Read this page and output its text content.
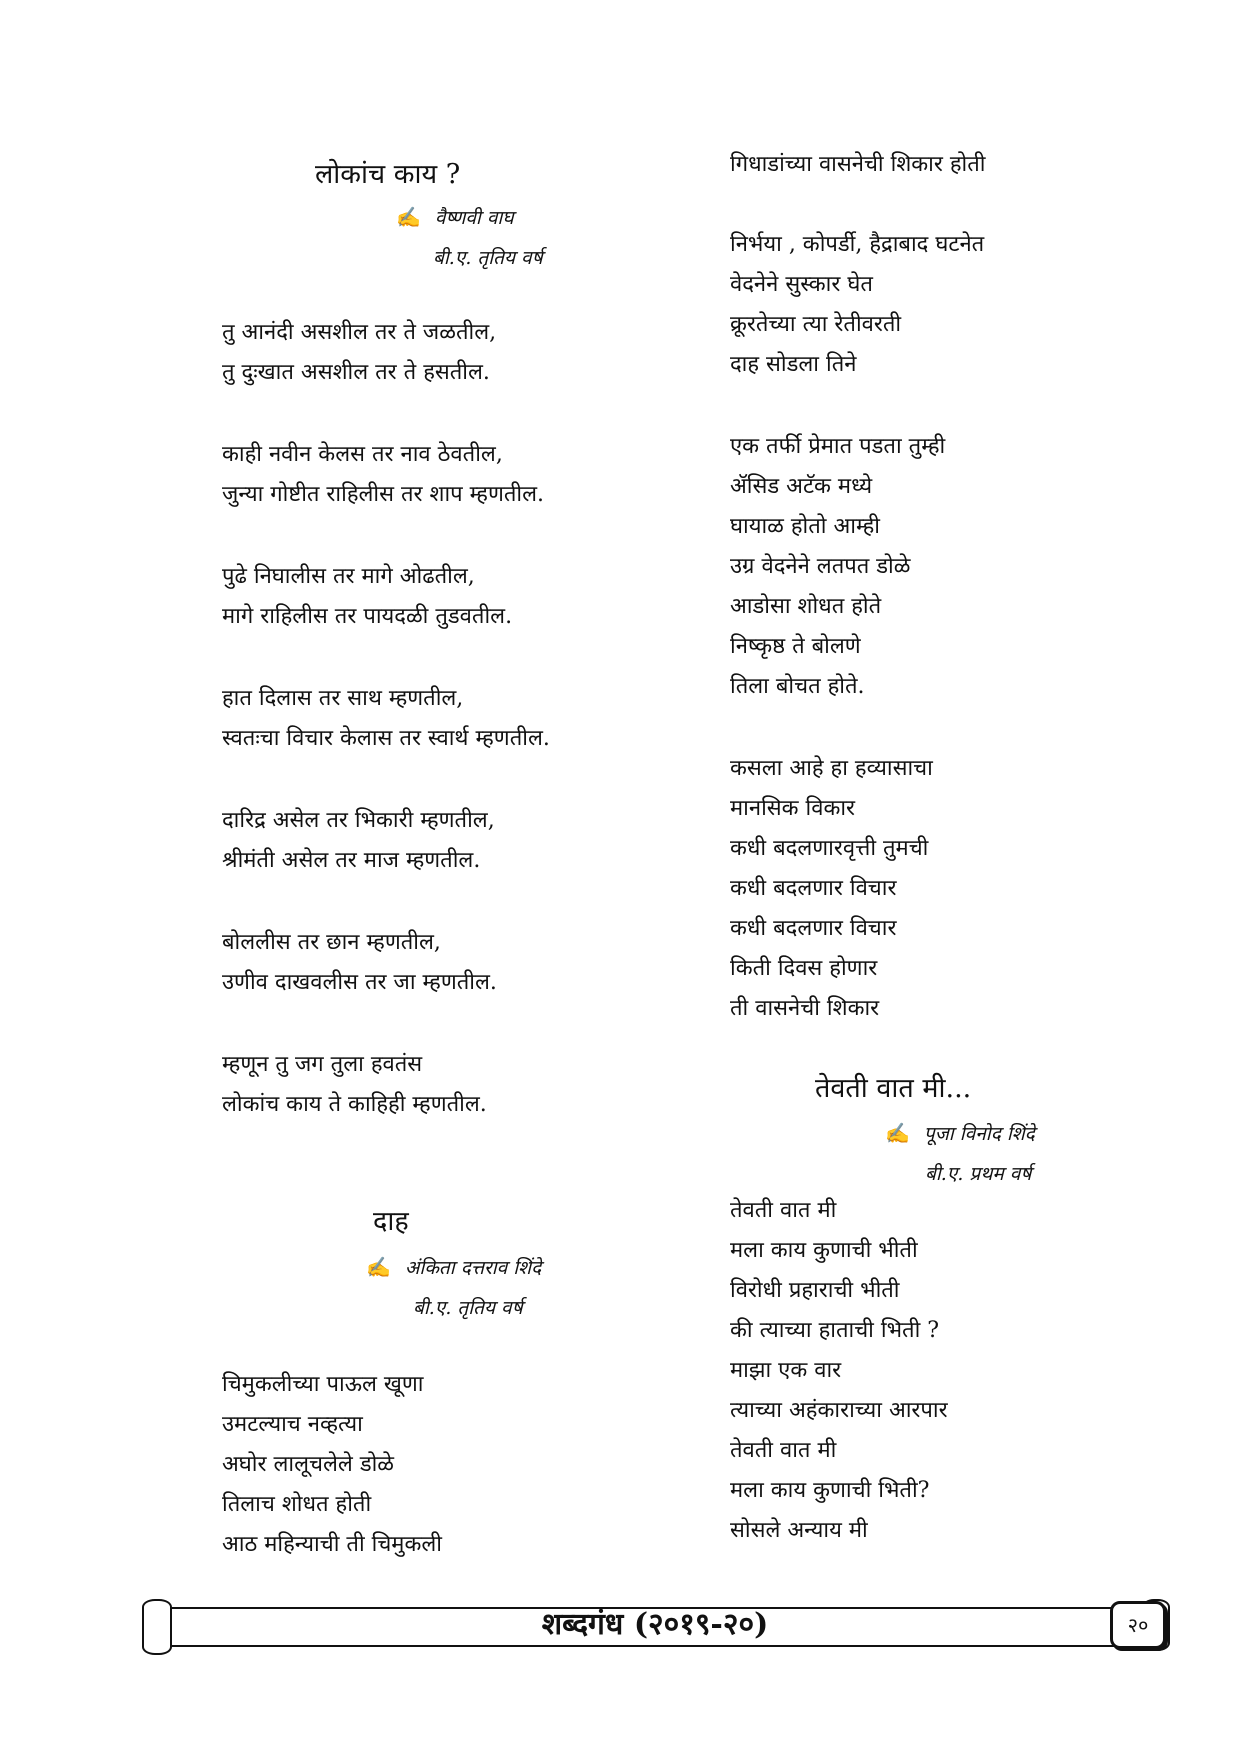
लोकांच काय ?
✍ वैष्णवी वाघ
बी.ए. तृतिय वर्ष
तु आनंदी असशील तर ते जळतील,
तु दुःखात असशील तर ते हसतील.
काही नवीन केलस तर नाव ठेवतील,
जुन्या गोष्टीत राहिलीस तर शाप म्हणतील.
पुढे निघालीस तर मागे ओढतील,
मागे राहिलीस तर पायदळी तुडवतील.
हात दिलास तर साथ म्हणतील,
स्वतःचा विचार केलास तर स्वार्थ म्हणतील.
दारिद्र असेल तर भिकारी म्हणतील,
श्रीमंती असेल तर माज म्हणतील.
बोललीस तर छान म्हणतील,
उणीव दाखवलीस तर जा म्हणतील.
म्हणून तु जग तुला हवतंस
लोकांच काय ते काहिही म्हणतील.
दाह
✍ अंकिता दत्तराव शिंदे
बी.ए. तृतिय वर्ष
चिमुकलीच्या पाऊल खूणा
उमटल्याच नव्हत्या
अघोर लालूचलेले डोळे
तिलाच शोधत होती
आठ महिन्याची ती चिमुकली
गिधाडांच्या वासनेची शिकार होती
निर्भया , कोपर्डी, हैद्राबाद घटनेत
वेदनेने सुस्कार घेत
क्रूरतेच्या त्या रेतीवरती
दाह सोडला तिने
एक तर्फी प्रेमात पडता तुम्ही
ॲसिड अटॅक मध्ये
घायाळ होतो आम्ही
उग्र वेदनेने लतपत डोळे
आडोसा शोधत होते
निष्कृष्ठ ते बोलणे
तिला बोचत होते.
कसला आहे हा हव्यासाचा
मानसिक विकार
कधी बदलणारवृत्ती तुमची
कधी बदलणार विचार
कधी बदलणार विचार
किती दिवस होणार
ती वासनेची शिकार
तेवती वात मी...
✍ पूजा विनोद शिंदे
बी.ए. प्रथम वर्ष
तेवती वात मी
मला काय कुणाची भीती
विरोधी प्रहाराची भीती
की त्याच्या हाताची भिती ?
माझा एक वार
त्याच्या अहंकाराच्या आरपार
तेवती वात मी
मला काय कुणाची भिती?
सोसले अन्याय मी
शब्दगंध (२०१९-२०)	२०
